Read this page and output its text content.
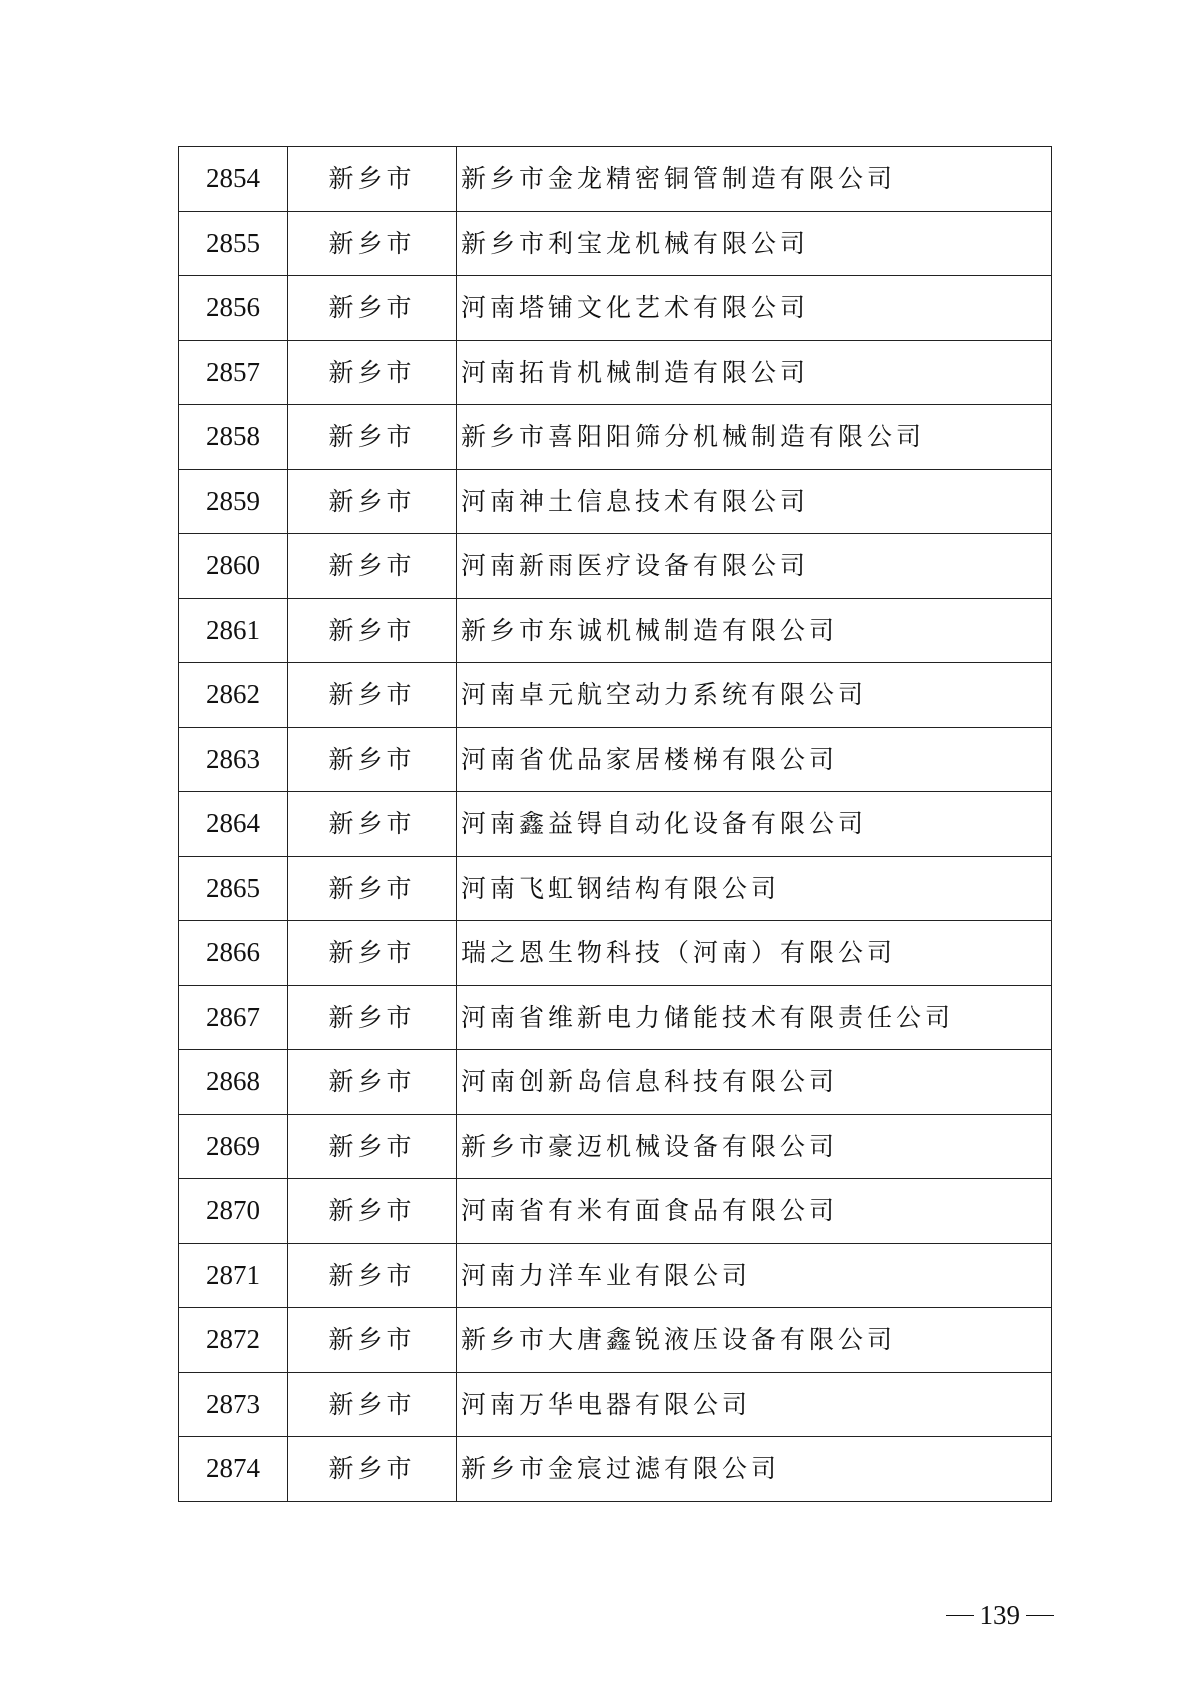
2854	新乡市	新乡市金龙精密铜管制造有限公司
2855	新乡市	新乡市利宝龙机械有限公司
2856	新乡市	河南塔铺文化艺术有限公司
2857	新乡市	河南拓肯机械制造有限公司
2858	新乡市	新乡市喜阳阳筛分机械制造有限公司
2859	新乡市	河南神土信息技术有限公司
2860	新乡市	河南新雨医疗设备有限公司
2861	新乡市	新乡市东诚机械制造有限公司
2862	新乡市	河南卓元航空动力系统有限公司
2863	新乡市	河南省优品家居楼梯有限公司
2864	新乡市	河南鑫益锝自动化设备有限公司
2865	新乡市	河南飞虹钢结构有限公司
2866	新乡市	瑞之恩生物科技（河南）有限公司
2867	新乡市	河南省维新电力储能技术有限责任公司
2868	新乡市	河南创新岛信息科技有限公司
2869	新乡市	新乡市豪迈机械设备有限公司
2870	新乡市	河南省有米有面食品有限公司
2871	新乡市	河南力洋车业有限公司
2872	新乡市	新乡市大唐鑫锐液压设备有限公司
2873	新乡市	河南万华电器有限公司
2874	新乡市	新乡市金宸过滤有限公司
139
